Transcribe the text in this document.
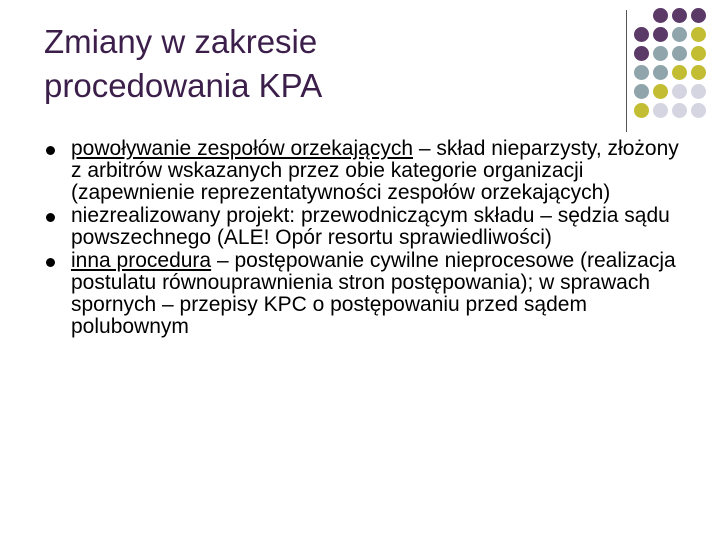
Zmiany w zakresie
procedowania KPA
powoływanie zespołów orzekających – skład nieparzysty, złożony z arbitrów wskazanych przez obie kategorie organizacji (zapewnienie reprezentatywności zespołów orzekających)
niezrealizowany projekt: przewodniczącym składu – sędzia sądu powszechnego (ALE! Opór resortu sprawiedliwości)
inna procedura – postępowanie cywilne nieprocesowe (realizacja postulatu równouprawnienia stron postępowania); w sprawach spornych – przepisy KPC o postępowaniu przed sądem polubownym
